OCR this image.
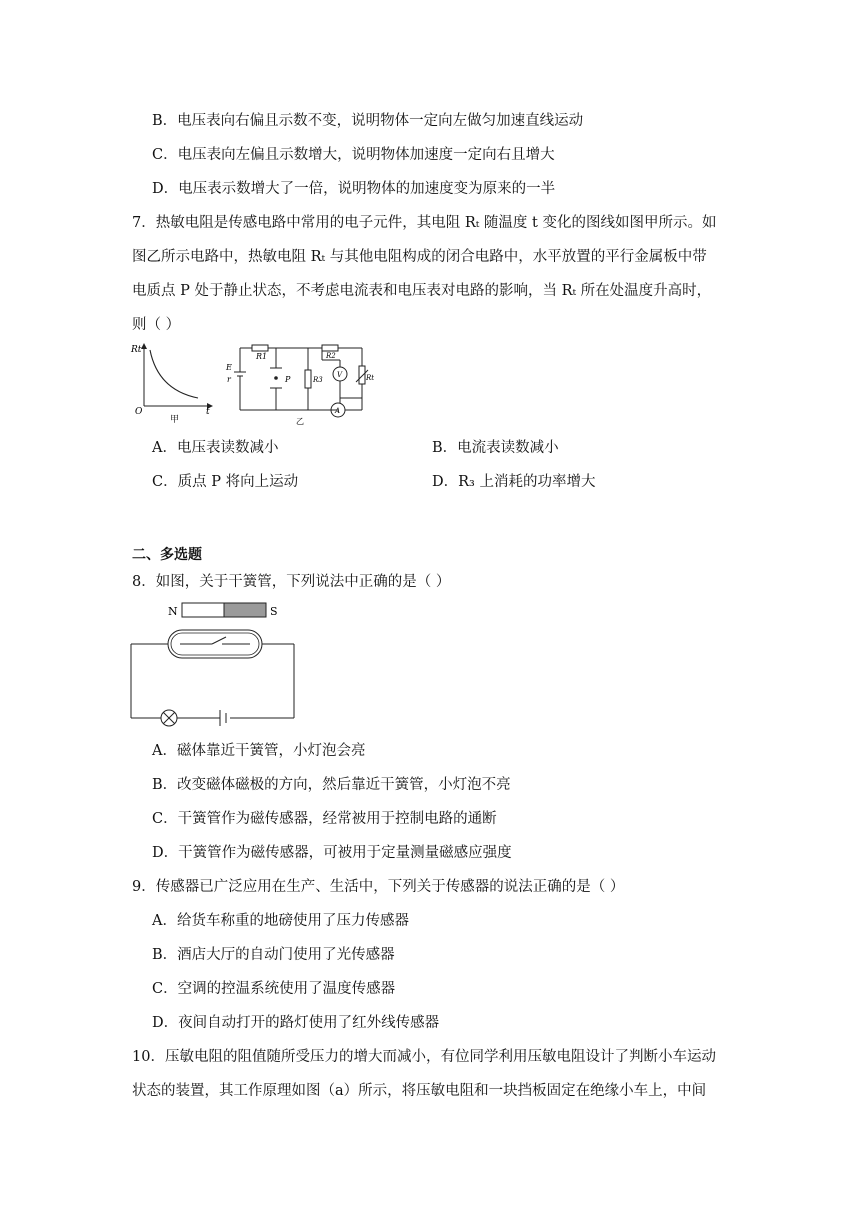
B．电压表向右偏且示数不变，说明物体一定向左做匀加速直线运动
C．电压表向左偏且示数增大，说明物体加速度一定向右且增大
D．电压表示数增大了一倍，说明物体的加速度变为原来的一半
7．热敏电阻是传感电路中常用的电子元件，其电阻 Rₜ 随温度 t 变化的图线如图甲所示。如
图乙所示电路中，热敏电阻 Rₜ 与其他电阻构成的闭合电路中，水平放置的平行金属板中带
电质点 P 处于静止状态，不考虑电流表和电压表对电路的影响，当 Rₜ 所在处温度升高时，
则（ ）
Rt
O	t
甲
R1
E
r	P	R3
R2
V	Rt
A
乙
A．电压表读数减小	B．电流表读数减小
C．质点 P 将向上运动	D．R₃ 上消耗的功率增大
二、多选题
8．如图，关于干簧管，下列说法中正确的是（ ）
N	S
A．磁体靠近干簧管，小灯泡会亮
B．改变磁体磁极的方向，然后靠近干簧管，小灯泡不亮
C．干簧管作为磁传感器，经常被用于控制电路的通断
D．干簧管作为磁传感器，可被用于定量测量磁感应强度
9．传感器已广泛应用在生产、生活中，下列关于传感器的说法正确的是（ ）
A．给货车称重的地磅使用了压力传感器
B．酒店大厅的自动门使用了光传感器
C．空调的控温系统使用了温度传感器
D．夜间自动打开的路灯使用了红外线传感器
10．压敏电阻的阻值随所受压力的增大而减小，有位同学利用压敏电阻设计了判断小车运动
状态的装置，其工作原理如图（a）所示，将压敏电阻和一块挡板固定在绝缘小车上，中间
